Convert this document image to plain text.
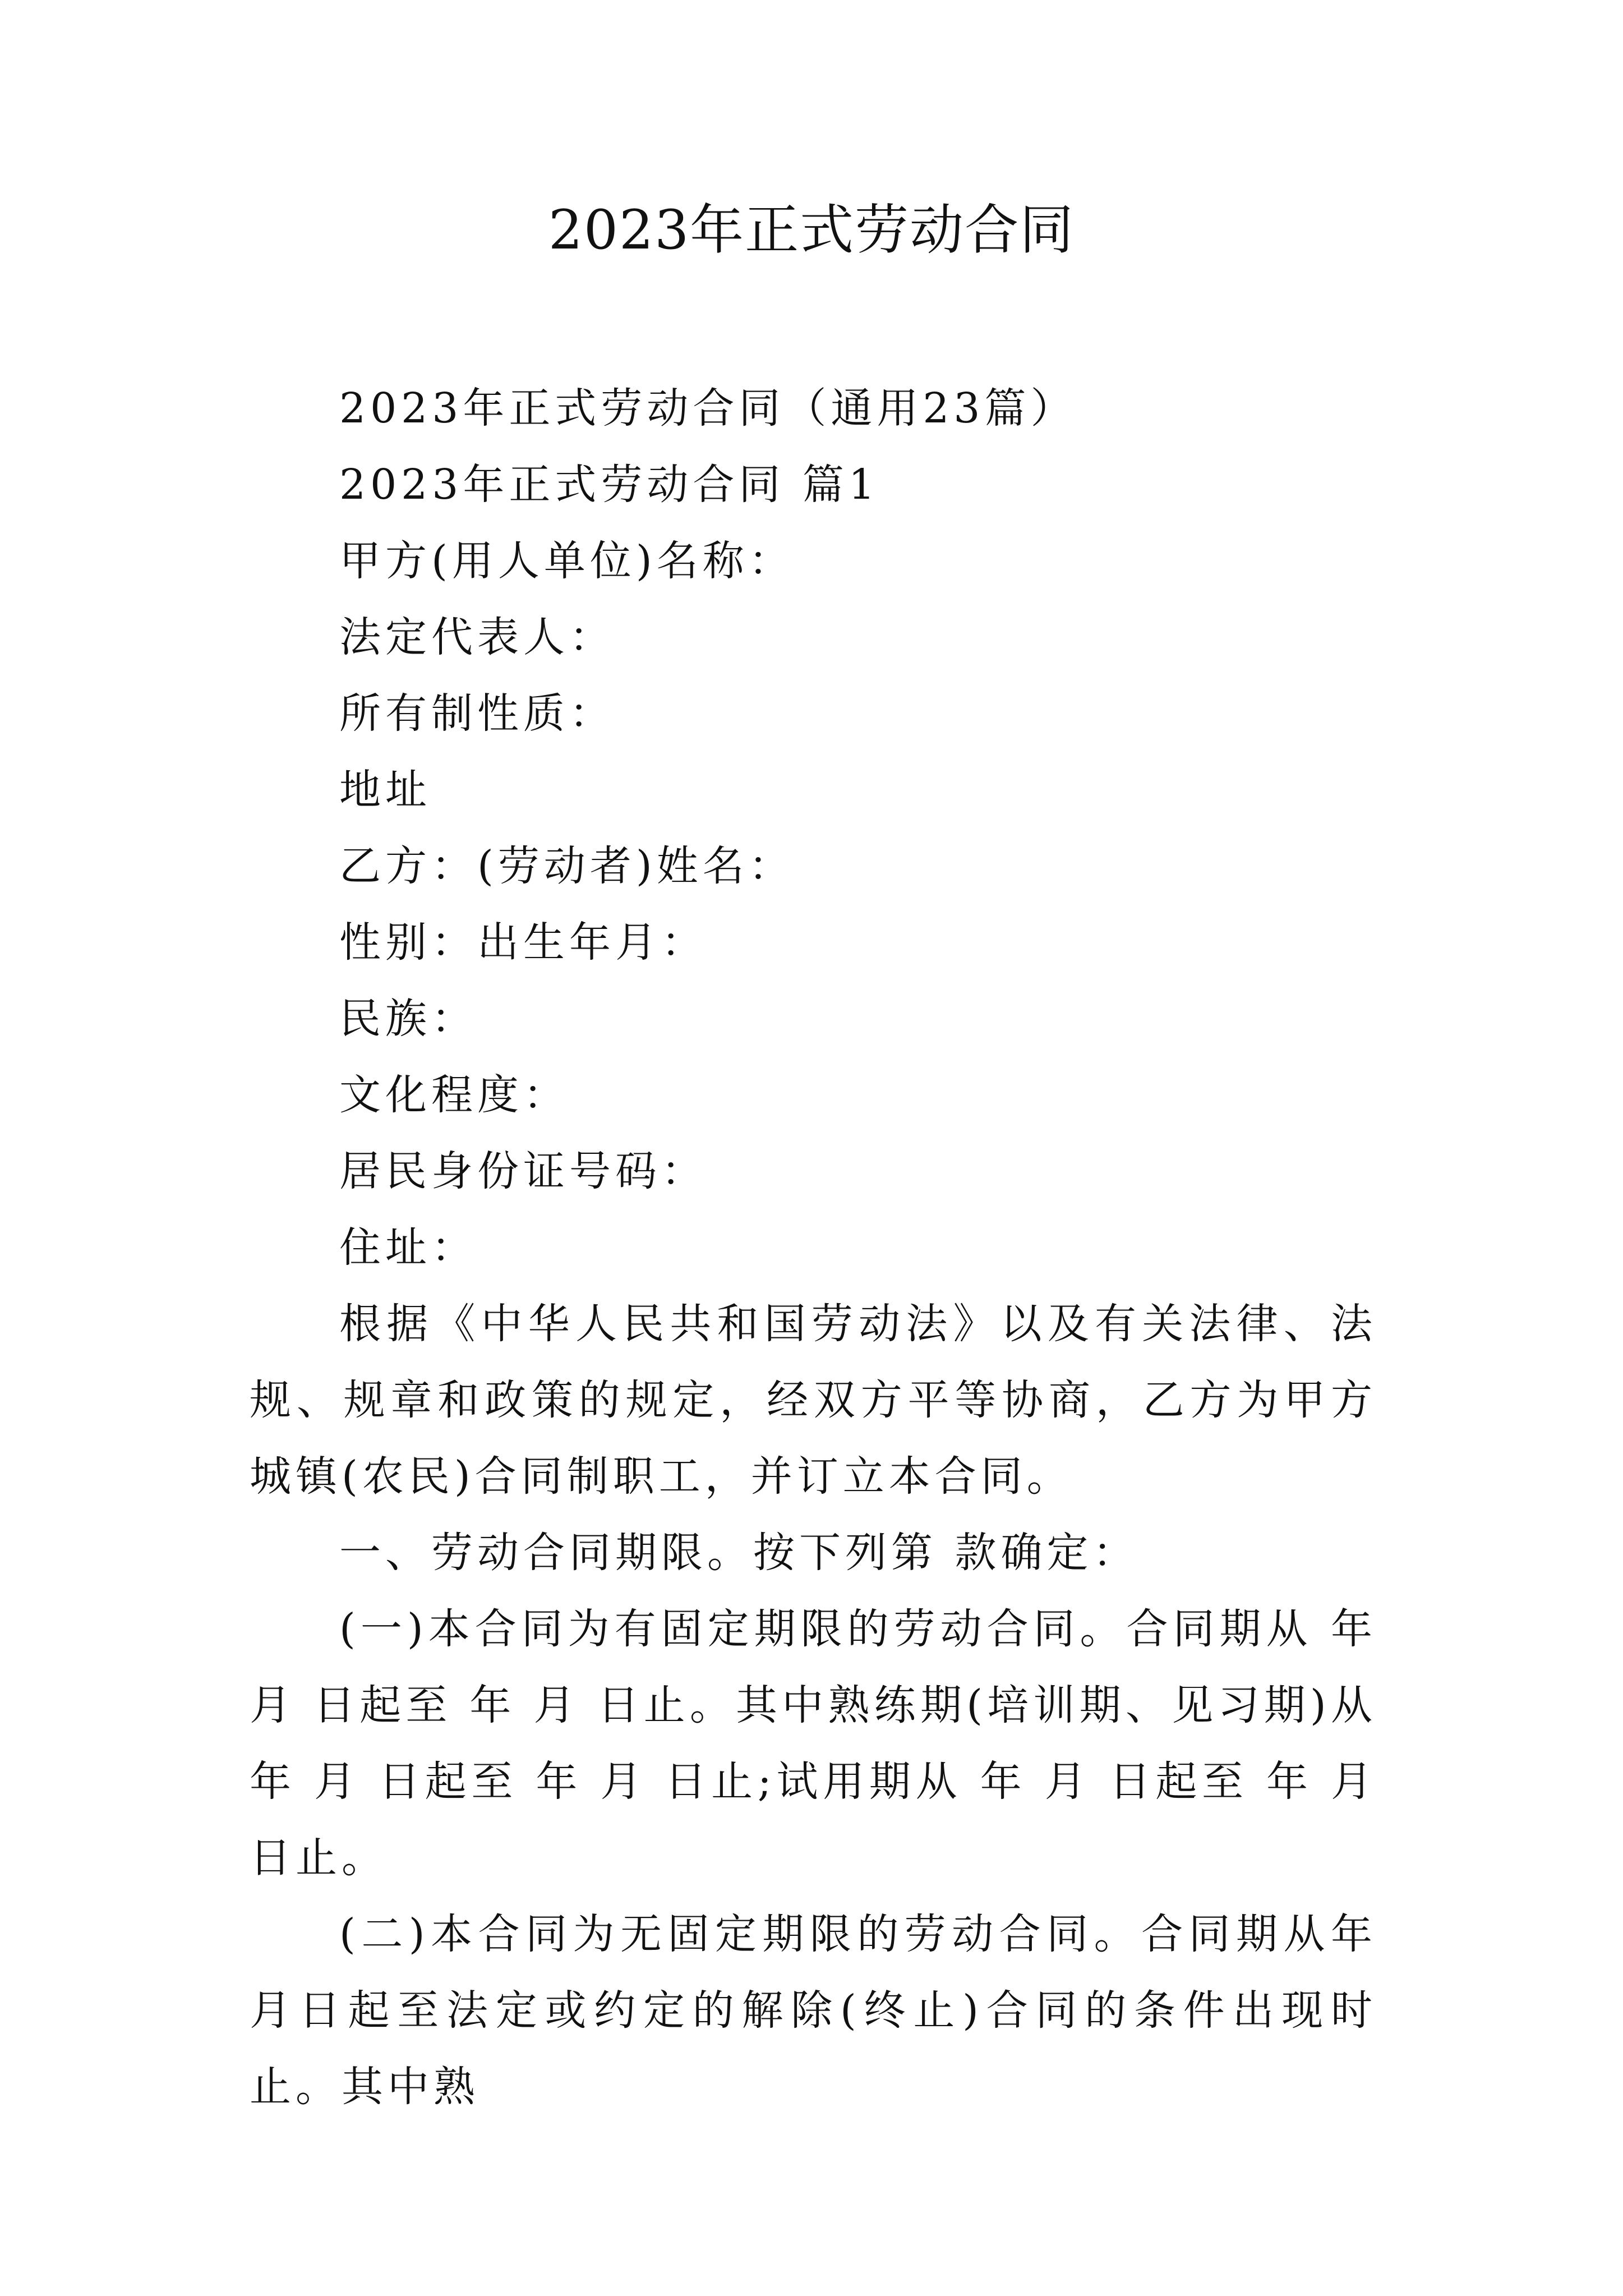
2023年正式劳动合同
2023年正式劳动合同（通用23篇）
2023年正式劳动合同 篇1
甲方(用人单位)名称：
法定代表人：
所有制性质：
地址
乙方：(劳动者)姓名：
性别：出生年月：
民族：
文化程度：
居民身份证号码：
住址：

根据《中华人民共和国劳动法》以及有关法律、法规、规章和政策的规定，经双方平等协商，乙方为甲方城镇(农民)合同制职工，并订立本合同。

一、劳动合同期限。按下列第 款确定：

(一)本合同为有固定期限的劳动合同。合同期从 年 月 日起至 年 月 日止。其中熟练期(培训期、见习期)从 年 月 日起至 年 月 日止;试用期从 年 月 日起至 年 月 日止。

(二)本合同为无固定期限的劳动合同。合同期从年月日起至法定或约定的解除(终止)合同的条件出现时止。其中熟
